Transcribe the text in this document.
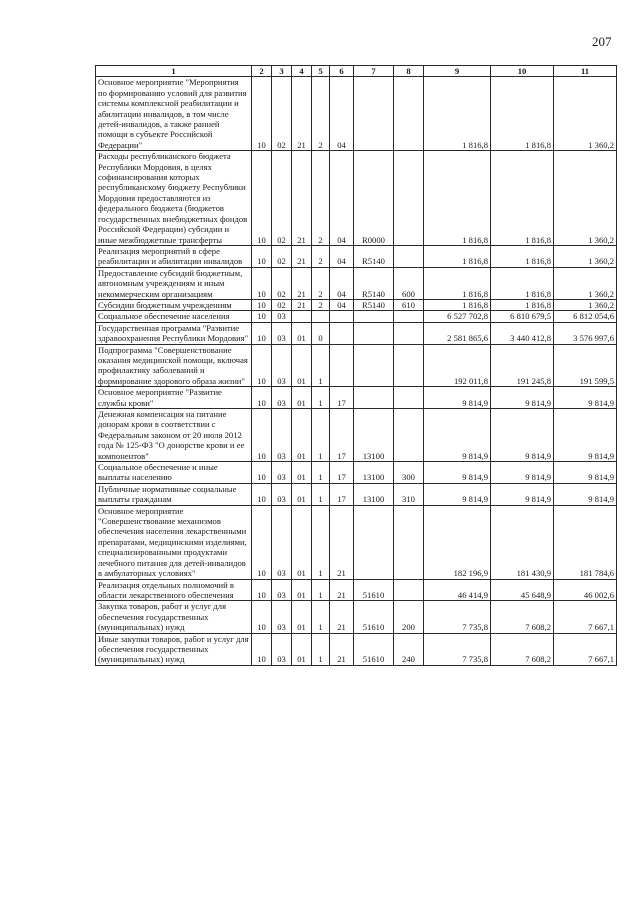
207
1	2	3	4	5	6	7	8	9	10	11
Основное мероприятие "Мероприятия по формированию условий для развития системы комплексной реабилитации и абилитации инвалидов, в том числе детей-инвалидов, а также ранней помощи в субъекте Российской Федерации"	10	02	21	2	04			1 816,8	1 816,8	1 360,2
Расходы республиканского бюджета Республики Мордовия, в целях софинансирования которых республиканскому бюджету Республики Мордовия предоставляются из федерального бюджета (бюджетов государственных внебюджетных фондов Российской Федерации) субсидии и иные межбюджетные трансферты	10	02	21	2	04	R0000		1 816,8	1 816,8	1 360,2
Реализация мероприятий в сфере реабилитации и абилитации инвалидов	10	02	21	2	04	R5140		1 816,8	1 816,8	1 360,2
Предоставление субсидий бюджетным, автономным учреждениям и иным некоммерческим организациям	10	02	21	2	04	R5140	600	1 816,8	1 816,8	1 360,2
Субсидии бюджетным учреждениям	10	02	21	2	04	R5140	610	1 816,8	1 816,8	1 360,2
Социальное обеспечение населения	10	03						6 527 702,8	6 810 679,5	6 812 054,6
Государственная программа "Развитие здравоохранения Республики Мордовия"	10	03	01	0				2 581 865,6	3 440 412,8	3 576 997,6
Подпрограмма "Совершенствование оказания медицинской помощи, включая профилактику заболеваний и формирование здорового образа жизни"	10	03	01	1				192 011,8	191 245,8	191 599,5
Основное мероприятие "Развитие службы крови"	10	03	01	1	17			9 814,9	9 814,9	9 814,9
Денежная компенсация на питание донорам крови в соответствии с Федеральным законом от 20 июля 2012 года № 125-ФЗ "О донорстве крови и ее компонентов"	10	03	01	1	17	13100		9 814,9	9 814,9	9 814,9
Социальное обеспечение и иные выплаты населению	10	03	01	1	17	13100	300	9 814,9	9 814,9	9 814,9
Публичные нормативные социальные выплаты гражданам	10	03	01	1	17	13100	310	9 814,9	9 814,9	9 814,9
Основное мероприятие "Совершенствование механизмов обеспечения населения лекарственными препаратами, медицинскими изделиями, специализированными продуктами лечебного питания для детей-инвалидов в амбулаторных условиях"	10	03	01	1	21			182 196,9	181 430,9	181 784,6
Реализация отдельных полномочий в области лекарственного обеспечения	10	03	01	1	21	51610		46 414,9	45 648,9	46 002,6
Закупка товаров, работ и услуг для обеспечения государственных (муниципальных) нужд	10	03	01	1	21	51610	200	7 735,8	7 608,2	7 667,1
Иные закупки товаров, работ и услуг для обеспечения государственных (муниципальных) нужд	10	03	01	1	21	51610	240	7 735,8	7 608,2	7 667,1
